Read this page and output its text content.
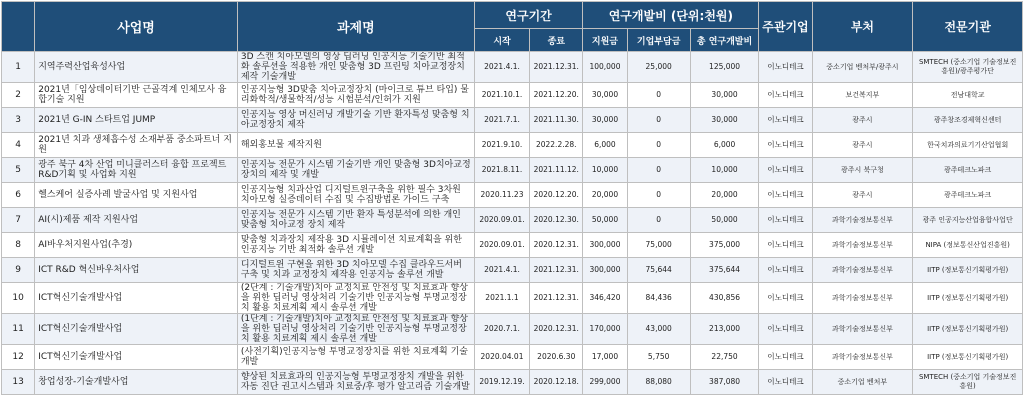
	사업명	과제명	연구기간		연구개발비 (단위:천원)			주관기업	부처	전문기관
			시작	종료	지원금	기업부담금	총 연구개발비			
1	지역주력산업육성사업	3D 스캔 치아모델의 영상 딥러닝 인공지능 기술기반 최적화 솔루션을 적용한 개인 맞춤형 3D 프린팅 치아교정장치 제작 기술개발	2021.4.1.	2021.12.31.	100,000	25,000	125,000	이노디테크	중소기업 벤처부/광주시	SMTECH (중소기업 기술정보진흥원)/광주평가단
2	2021년「임상데이터기반 근골격계 인체모사 융합기술 지원	인공지능형 3D맞춤 치아교정장치 (마이크로 튜브 타입) 물리화학적/생물학적/성능 시험분석/인허가 지원	2021.10.1.	2021.12.20.	30,000	0	30,000	이노디테크	보건복지부	전남대학교
3	2021년 G-IN 스타트업 JUMP	인공지능 영상 머신러닝 개발기술 기반 환자특성 맞춤형 치아교정장치 제작	2021.7.1.	2021.11.30.	30,000	0	30,000	이노디테크	광주시	광주창조경제혁신센터
4	2021년 치과 생체흡수성 소재부품 중소파트너 지원	해외홍보물 제작지원	2021.9.10.	2022.2.28.	6,000	0	6,000	이노디테크	광주시	한국치과의료기기산업협회
5	광주 북구 4차 산업 미니클러스터 융합 프로젝트 R&D기획 및 사업화 지원	인공지능 전문가 시스템 기술기반 개인 맞춤형 3D치아교정 장치의 제작 및 개발	2021.8.11.	2021.11.12.	10,000	0	10,000	이노디테크	광주시 북구청	광주테크노파크
6	헬스케어 실증사례 발굴사업 및 지원사업	인공지능형 치과산업 디지털트윈구축을 위한 필수 3차원 치아모형 실증데이터 수집 및 수집방법론 가이드 구축	2020.11.23	2020.12.20.	20,000	0	20,000	이노디테크	광주시	광주테크노파크
7	AI(시)제품 제작 지원사업	인공지능 전문가 시스템 기반 환자 특성분석에 의한 개인 맞춤형 치아교정 장치 제작	2020.09.01.	2020.12.30.	50,000	0	50,000	이노디테크	과학기술정보통신부	광주 인공지능산업융합사업단
8	AI바우처지원사업(추경)	맞춤형 치과장치 제작용 3D 시뮬레이션 치료계획을 위한 인공지능 기반 최적화 솔루션 개발	2020.09.01.	2020.12.31.	300,000	75,000	375,000	이노디테크	과학기술정보통신부	NIPA (정보통신산업진흥원)
9	ICT R&D 혁신바우처사업	디지털트윈 구현을 위한 3D 치아모델 수집 클라우드서버 구축 및 치과 교정장치 제작용 인공지능 솔루션 개발	2021.4.1.	2021.12.31.	300,000	75,644	375,644	이노디테크	과학기술정보통신부	IITP (정보통신기획평가원)
10	ICT혁신기술개발사업	(2단계 : 기술개발)치아 교정치료 안전성 및 치료효과 향상을 위한 딥러닝 영상처리 기술기반 인공지능형 투명교정장치 활용 치료계획 제시 솔루션 개발	2021.1.1	2021.12.31.	346,420	84,436	430,856	이노디테크	과학기술정보통신부	IITP (정보통신기획평가원)
11	ICT혁신기술개발사업	(1단계 : 기술개발)치아 교정치료 안전성 및 치료효과 향상을 위한 딥러닝 영상처리 기술기반 인공지능형 투명교정장치 활용 치료계획 제시 솔루션 개발	2020.7.1.	2020.12.31.	170,000	43,000	213,000	이노디테크	과학기술정보통신부	IITP (정보통신기획평가원)
12	ICT혁신기술개발사업	(사전기획)인공지능형 투명교정장치를 위한 치료계획 기술 개발	2020.04.01	2020.6.30	17,000	5,750	22,750	이노디테크	과학기술정보통신부	IITP (정보통신기획평가원)
13	창업성장-기술개발사업	향상된 치료효과의 인공지능형 투명교정장치 개발을 위한 자동 진단 권고시스템과 치료중/후 평가 알고리즘 기술개발	2019.12.19.	2020.12.18.	299,000	88,080	387,080	이노디테크	중소기업 벤처부	SMTECH (중소기업 기술정보진흥원)
